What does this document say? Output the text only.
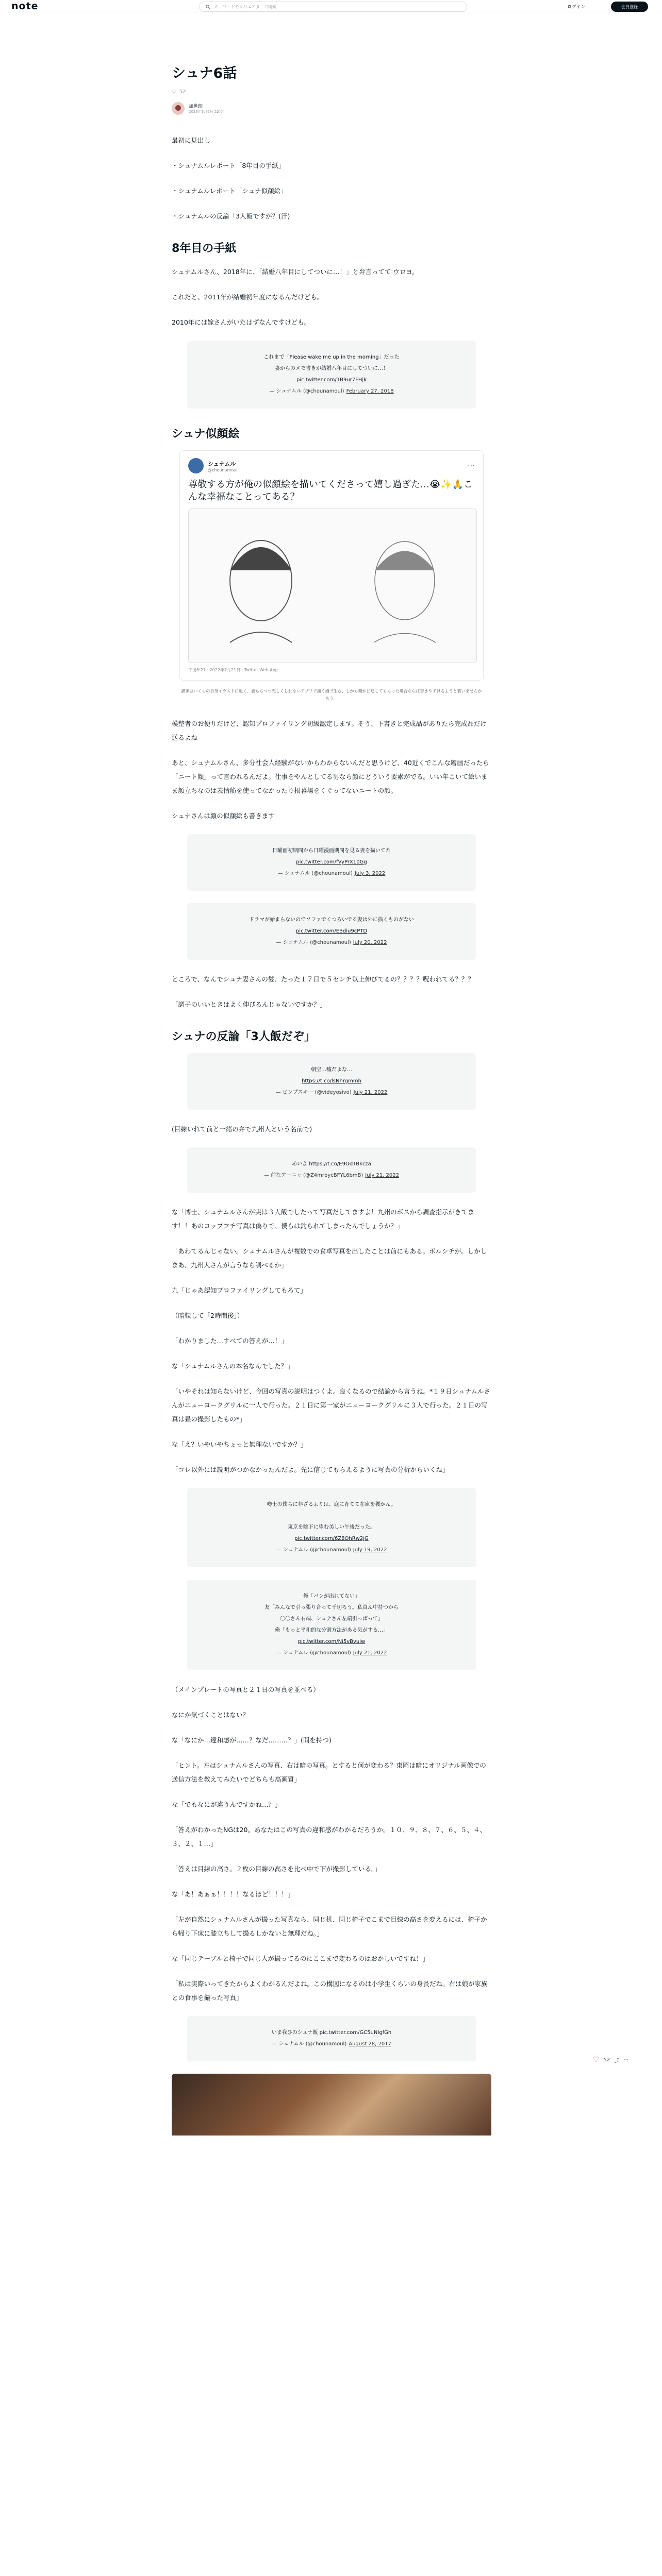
note	キーワードやクリエイターで検索	ログイン	会員登録
シュナ6話
♡ 52
加世朗
2023年3月6日 22:04
最初に見出し
・シュナムルレポート「8年目の手紙」
・シュナムルレポート「シュナ似顔絵」
・シュナムルの反論「3人飯ですが？(汗)
8年目の手紙
シュナムルさん、2018年に、「結婚八年目にしてついに…！」と弁言ってて ウロヨ。
これだと、2011年が結婚初年度になるんだけども。
2010年には嫁さんがいたはずなんですけども。
これまで「Please wake me up in the morning」だった
妻からのメモ書きが結婚八年目にしてついに…！
pic.twitter.com/1B9ur7FHjk
— シュナムル (@chounamoul) February 27, 2018
シュナ似顔絵
シュナムル
@chounamoul	⋯
尊敬する方が俺の似顔絵を描いてくださって嬉し過ぎた…😭✨🙏こんな幸福なことってある？
午後8:27 · 2022年7月21日 · Twitter Web App
描線はいくらの自身イラストに近く、妻ちもべつ先しくしれないアプリで描く漫で生む、しかも雑かに通してもらった場合ならば書きやすけるようと装いませんかもう。
模整者のお便りだけど、認知プロファイリング初級認定します。そう、下書きと完成品がありたら完成品だけ送るよね
あと、シュナムルさん、多分社会人経験がないからわからないんだと思うけど、40近くでこんな層画だったら「ニート顔」って言われるんだよ。仕事をやんとしてる男なら顔にどういう要素がでる。いい年こいて絵いまま顔立ちなのは表情筋を使ってなかったり根暮場をくぐってないニートの顔。
シュナさんは顔の似顔絵も書きます
日曜画初期間から日曜漫画期間を見る妻を描いてた
pic.twitter.com/fVyPrX10Gg
— シュナムル (@chounamoul) July 3, 2022
ドラマが始まらないのでソファでくつろいでる妻は外に描くものがない
pic.twitter.com/EBdiu9cPTD
— シュナムル (@chounamoul) July 20, 2022
ところで、なんでシュナ妻さんの髪、たった１７日で５センチ以上伸びてるの？？？？呪われてる？？？
「調子のいいときはよく伸びるんじゃないですか？」
シュナの反論「3人飯だぞ」
朝空…嘘だよな…
https://t.co/lsNhrgmmh
— ピンプスキー (@videyosivo) July 21, 2022
(目線いれて前と一緒の弁で九州人という名前で)
あいよ https://t.co/E9OdTBkcza
— 前なアーニャ (@Z4mrbycBFYL6bmB) July 21, 2022
な「博士、シュナムルさんが実は３人飯でしたって写真だしてますよ！九州のボスから調査指示がきてます！！あのコップフチ写真は偽りで、僕らは釣られてしまったんでしょうか？」
「あわてるんじゃない。シュナムルさんが複数での食卓写真を出したことは前にもある。ボルシチが。しかしまあ、九州人さんが言うなら調べるか」
九「じゃあ認知プロファイリングしてもろて」
（暗転して「2時間後」）
「わかりました…すべての答えが…！」
な「シュナムルさんの本名なんでした？」
「いやそれは知らないけど、今回の写真の説明はつくよ。良くなるので結論から言うね。*１９日シュナムルさんがニューヨークグリルに一人で行った。２１日に第一家がニューヨークグリルに３人で行った。２１日の写真は昼の撮影したもの*」
な「え？いやいやちょっと無理ないですか？」
「コレ以外には説明がつかなかったんだよ。先に信じてもらえるように写真の分析からいくね」
噂士の僕らに非ざるよりは、庭に育てて在庫を獲かん。
東京を眺下に望む美しい午後だった。
pic.twitter.com/6Z8OhRw2jG
— シュナムル (@chounamoul) July 19, 2022
俺「パンが出れてない」
友「みんなで引っ張り合って千切ろう。私真ん中持つから
〇〇さん右端、シュナさん左端引っぱって」
俺「もっと平和的な分割方法がある気がする…」
pic.twitter.com/Ni5vBvuiw
— シュナムル (@chounamoul) July 21, 2022
（メインプレートの写真と２１日の写真を並べる）
なにか気づくことはない？
な「なにか…違和感が……？なだ………？」(間を持つ)
「ヒント。左はシュナムルさんの写真、右は暗の写真。とすると何が変わる？東岡は暗にオリジナル画像での送信方法を教えてみたいでどちらも高画質」
な「でもなにが違うんですかね…？」
「答えがわかったNGは20。あなたはこの写真の違和感がわかるだろうか。１０、９、８、７、６、５、４、３、２、１…」
「答えは目線の高さ。２枚の目線の高さを比べ中で下が撮影している。」
な「あ！あぁぁ！！！！なるほど！！！」
「左が自然にシュナムルさんが撮った写真なら、同じ机、同じ椅子でこまで目線の高さを変えるには、椅子から帰り下床に膝立ちして撮るしかないと無理だね。」
な「同じテーブルと椅子で同じ人が撮ってるのにここまで変わるのはおかしいですね！」
「私は実際いってきたからよくわかるんだよね。この構図になるのは小学生くらいの身長だね。右は娘が家族との食事を撮った写真」
いま我ひのシュナ飯 pic.twitter.com/GC5uNIgfGh
— シュナムル (@chounamoul) August 28, 2017
♡ 52 ⤴ ⋯
